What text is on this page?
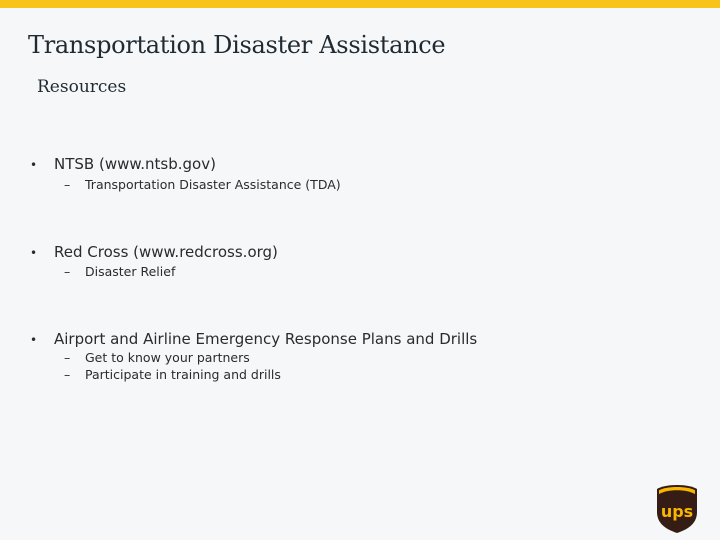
Transportation Disaster Assistance
Resources
• NTSB (www.ntsb.gov)
– Transportation Disaster Assistance (TDA)
• Red Cross (www.redcross.org)
– Disaster Relief
• Airport and Airline Emergency Response Plans and Drills
– Get to know your partners
– Participate in training and drills
ups
